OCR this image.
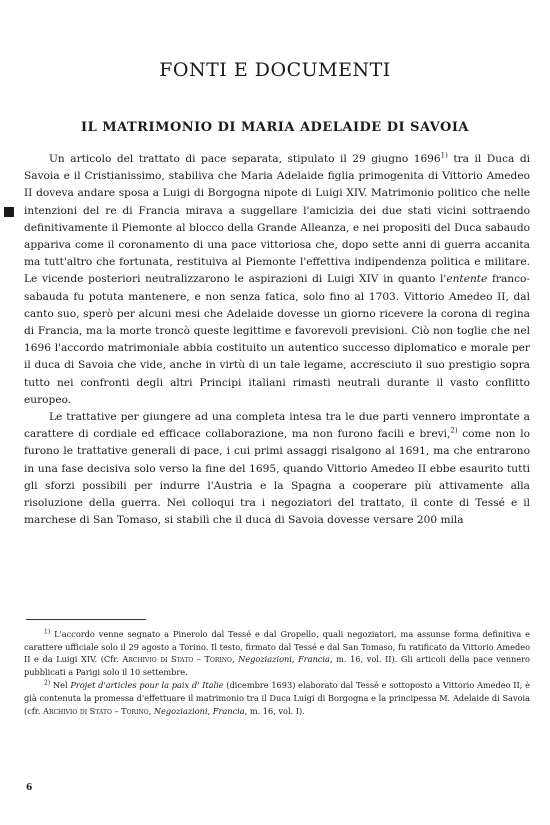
FONTI E DOCUMENTI
IL MATRIMONIO DI MARIA ADELAIDE DI SAVOIA

Un articolo del trattato di pace separata, stipulato il 29 giugno 1696$^{1)}$ tra il Duca di Savoia e il Cristianissimo, stabiliva che Maria Adelaide figlia primogenita di Vittorio Amedeo II doveva andare sposa a Luigi di Borgogna nipote di Luigi XIV. Matrimonio politico che nelle intenzioni del re di Francia mirava a suggellare l'amicizia dei due stati vicini sottraendo definitivamente il Piemonte al blocco della Grande Alleanza, e nei propositi del Duca sabaudo appariva come il coronamento di una pace vittoriosa che, dopo sette anni di guerra accanita ma tutt'altro che fortunata, restituiva al Piemonte l'effettiva indipendenza politica e militare. Le vicende posteriori neutralizzarono le aspirazioni di Luigi XIV in quanto l'entente franco-sabauda fu potuta mantenere, e non senza fatica, solo fino al 1703. Vittorio Amedeo II, dal canto suo, sperò per alcuni mesi che Adelaide dovesse un giorno ricevere la corona di regina di Francia, ma la morte troncò queste legittime e favorevoli previsioni. Ciò non toglie che nel 1696 l'accordo matrimoniale abbia costituito un autentico successo diplomatico e morale per il duca di Savoia che vide, anche in virtù di un tale legame, accresciuto il suo prestigio sopra tutto nei confronti degli altri Principi italiani rimasti neutrali durante il vasto conflitto europeo.

Le trattative per giungere ad una completa intesa tra le due parti vennero improntate a carattere di cordiale ed efficace collaborazione, ma non furono facili e brevi,$^{2)}$ come non lo furono le trattative generali di pace, i cui primi assaggi risalgono al 1691, ma che entrarono in una fase decisiva solo verso la fine del 1695, quando Vittorio Amedeo II ebbe esaurito tutti gli sforzi possibili per indurre l'Austria e la Spagna a cooperare più attivamente alla risoluzione della guerra. Nei colloqui tra i negoziatori del trattato, il conte di Tessé e il marchese di San Tomaso, si stabilì che il duca di Savoia dovesse versare 200 mila

$^{1)}$ L'accordo venne segnato a Pinerolo dal Tessé e dal Gropello, quali negoziatori, ma assunse forma definitiva e carattere ufficiale solo il 29 agosto a Torino. Il testo, firmato dal Tessé e dal San Tomaso, fu ratificato da Vittorio Amedeo II e da Luigi XIV. (Cfr. Archivio di Stato – Torino, Negoziazioni, Francia, m. 16, vol. II). Gli articoli della pace vennero pubblicati a Parigi solo il 10 settembre.

$^{2)}$ Nel Projet d'articles pour la paix d' Italie (dicembre 1693) elaborato dal Tessé e sottoposto a Vittorio Amedeo II, è già contenuta la promessa d'effettuare il matrimonio tra il Duca Luigi di Borgogna e la principessa M. Adelaide di Savoia (cfr. Archivio di Stato – Torino, Negoziazioni, Francia, m. 16, vol. I).

6
